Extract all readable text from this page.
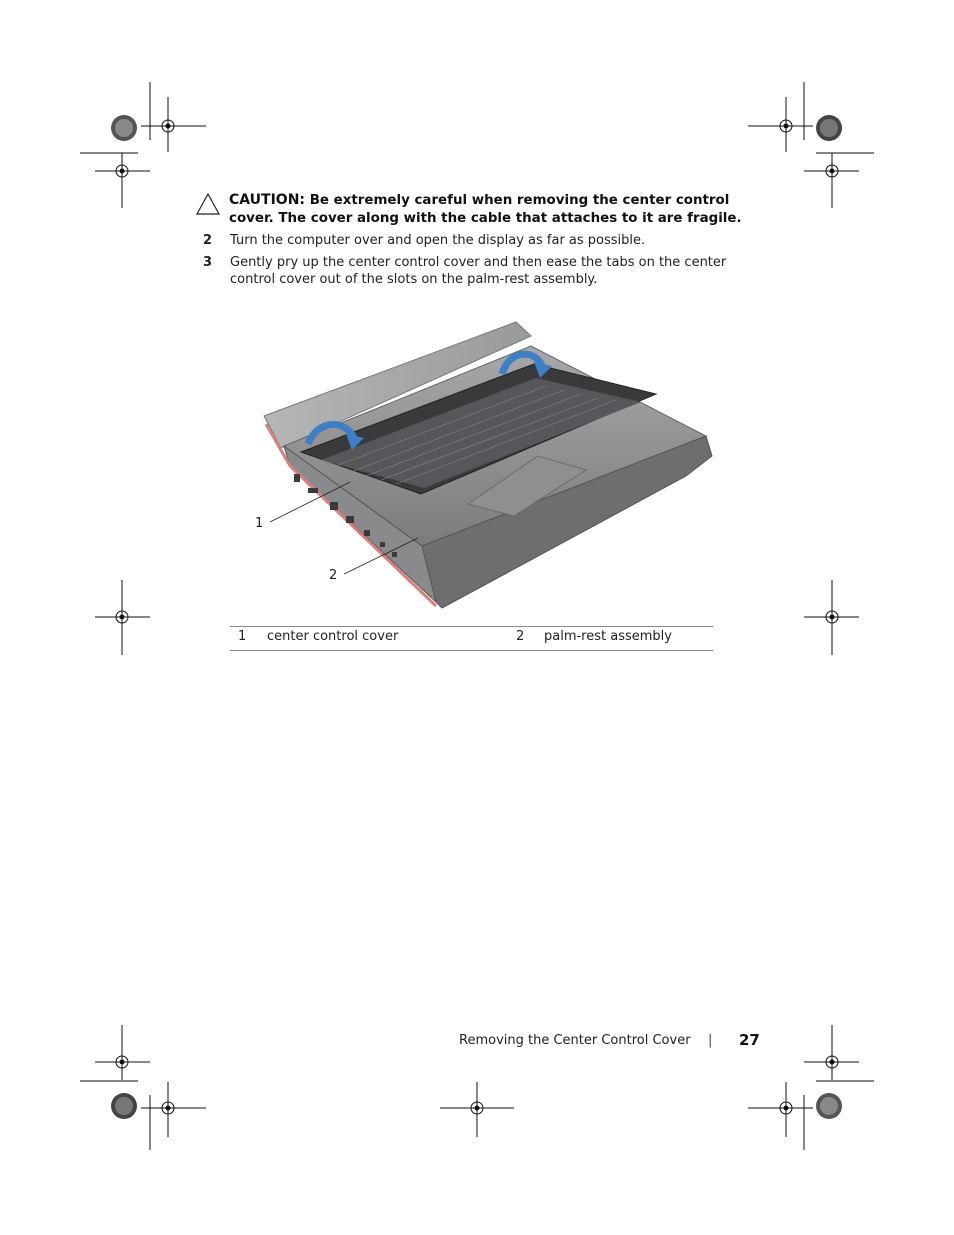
CAUTION: Be extremely careful when removing the center control cover. The cover along with the cable that attaches to it are fragile.
2	Turn the computer over and open the display as far as possible.
3	Gently pry up the center control cover and then ease the tabs on the center control cover out of the slots on the palm-rest assembly.
1
2
1 center control cover	2 palm-rest assembly
Removing the Center Control Cover | 27
